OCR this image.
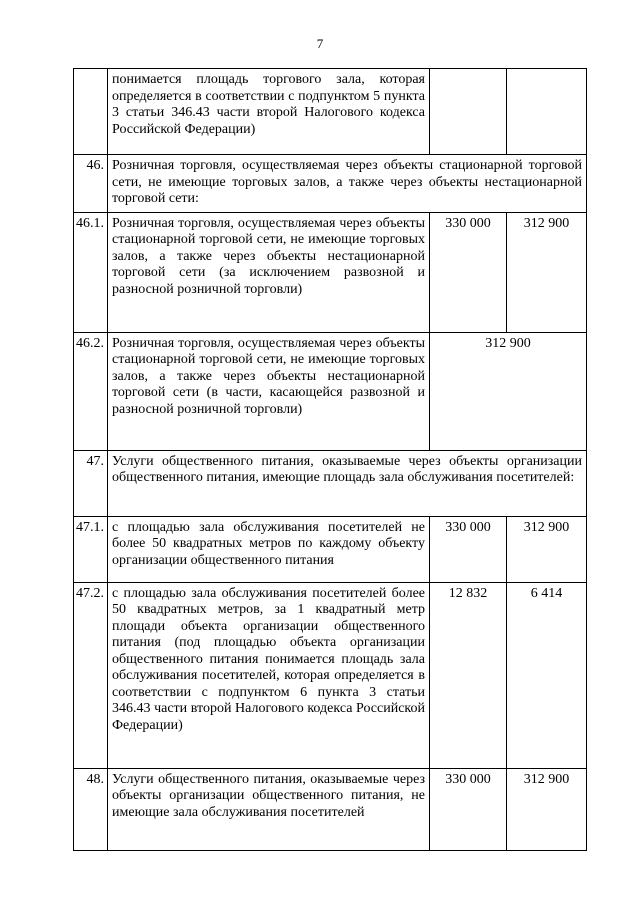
7
	понимается площадь торгового зала, которая определяется в соответствии с подпунктом 5 пункта 3 статьи 346.43 части второй Налогового кодекса Российской Федерации)		
46.	Розничная торговля, осуществляемая через объекты стационарной торговой сети, не имеющие торговых залов, а также через объекты нестационарной торговой сети:		
46.1.	Розничная торговля, осуществляемая через объекты стационарной торговой сети, не имеющие торговых залов, а также через объекты нестационарной торговой сети (за исключением развозной и разносной розничной торговли)	330 000	312 900
46.2.	Розничная торговля, осуществляемая через объекты стационарной торговой сети, не имеющие торговых залов, а также через объекты нестационарной торговой сети (в части, касающейся развозной и разносной розничной торговли)	312 900	
47.	Услуги общественного питания, оказываемые через объекты организации общественного питания, имеющие площадь зала обслуживания посетителей:		
47.1.	с площадью зала обслуживания посетителей не более 50 квадратных метров по каждому объекту организации общественного питания	330 000	312 900
47.2.	с площадью зала обслуживания посетителей более 50 квадратных метров, за 1 квадратный метр площади объекта организации общественного питания (под площадью объекта организации общественного питания понимается площадь зала обслуживания посетителей, которая определяется в соответствии с подпунктом 6 пункта 3 статьи 346.43 части второй Налогового кодекса Российской Федерации)	12 832	6 414
48.	Услуги общественного питания, оказываемые через объекты организации общественного питания, не имеющие зала обслуживания посетителей	330 000	312 900
